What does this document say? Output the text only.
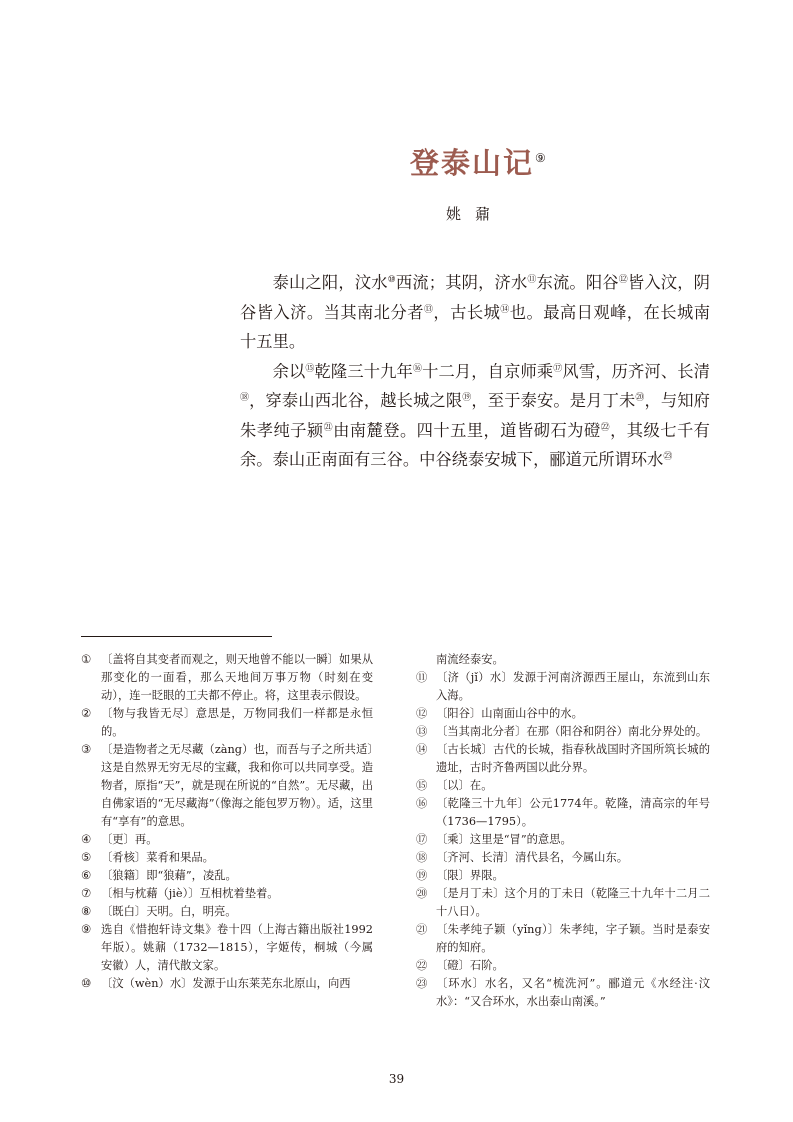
登泰山记⑨
姚鼐

泰山之阳，汶水⑩西流；其阴，济水⑪东流。阳谷⑫皆入汶，阴谷皆入济。当其南北分者⑬，古长城⑭也。最高日观峰，在长城南十五里。

余以⑮乾隆三十九年⑯十二月，自京师乘⑰风雪，历齐河、长清⑱，穿泰山西北谷，越长城之限⑲，至于泰安。是月丁未⑳，与知府朱孝纯子颍$^㉑$由南麓登。四十五里，道皆砌石为磴$^㉒$，其级七千有余。泰山正南面有三谷。中谷绕泰安城下，郦道元所谓环水$^㉓$

① 〔盖将自其变者而观之，则天地曾不能以一瞬〕如果从那变化的一面看，那么天地间万事万物（时刻在变动），连一眨眼的工夫都不停止。将，这里表示假设。
② 〔物与我皆无尽〕意思是，万物同我们一样都是永恒的。
③ 〔是造物者之无尽藏（zàng）也，而吾与子之所共适〕这是自然界无穷无尽的宝藏，我和你可以共同享受。造物者，原指“天”，就是现在所说的“自然”。无尽藏，出自佛家语的“无尽藏海”（像海之能包罗万物）。适，这里有“享有”的意思。
④ 〔更〕再。
⑤ 〔肴核〕菜肴和果品。
⑥ 〔狼籍〕即“狼藉”，凌乱。
⑦ 〔相与枕藉（jiè）〕互相枕着垫着。
⑧ 〔既白〕天明。白，明亮。
⑨ 选自《惜抱轩诗文集》卷十四（上海古籍出版社1992年版）。姚鼐（1732—1815），字姬传，桐城（今属安徽）人，清代散文家。
⑩ 〔汶（wèn）水〕发源于山东莱芜东北原山，向西
南流经泰安。
⑪ 〔济（jǐ）水〕发源于河南济源西王屋山，东流到山东入海。
⑫ 〔阳谷〕山南面山谷中的水。
⑬ 〔当其南北分者〕在那（阳谷和阴谷）南北分界处的。
⑭ 〔古长城〕古代的长城，指春秋战国时齐国所筑长城的遗址，古时齐鲁两国以此分界。
⑮ 〔以〕在。
⑯ 〔乾隆三十九年〕公元1774年。乾隆，清高宗的年号（1736—1795）。
⑰ 〔乘〕这里是“冒”的意思。
⑱ 〔齐河、长清〕清代县名，今属山东。
⑲ 〔限〕界限。
⑳ 〔是月丁未〕这个月的丁未日（乾隆三十九年十二月二十八日）。
㉑ 〔朱孝纯子颖（yǐng）〕朱孝纯，字子颖。当时是泰安府的知府。
㉒ 〔磴〕石阶。
㉓ 〔环水〕水名，又名“梳洗河”。郦道元《水经注·汶水》：“又合环水，水出泰山南溪。”
39
